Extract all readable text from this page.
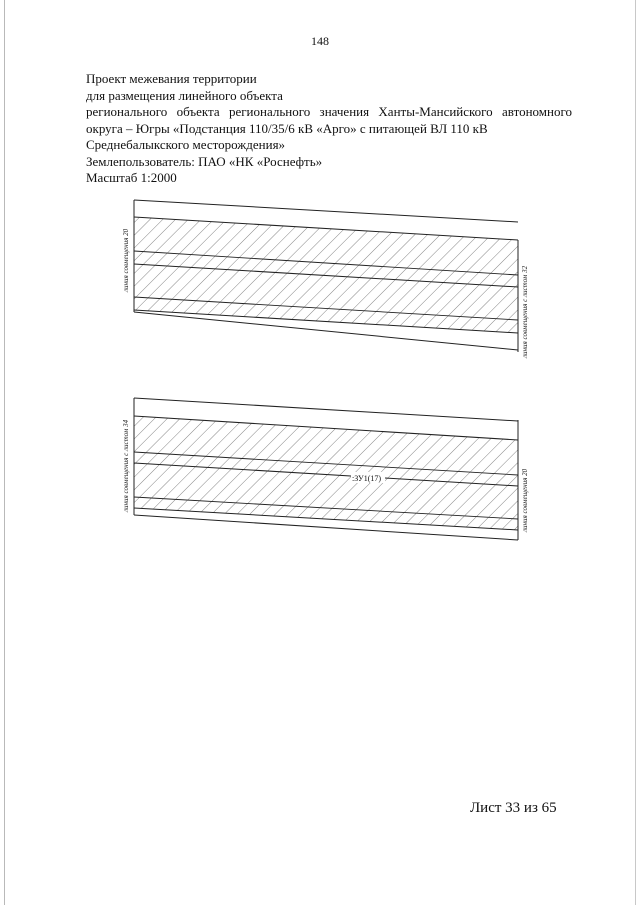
148
Проект межевания территории
для размещения линейного объекта
регионального объекта регионального значения Ханты-Мансийского автономного
округа – Югры «Подстанция 110/35/6 кВ «Арго» с питающей ВЛ 110 кВ
Среднебалыкского месторождения»
Землепользователь: ПАО «НК «Роснефть»
Масштаб 1:2000
линия совмещения 20
линия совмещения с листом 32
:ЗУ1(17)
линия совмещения с листом 34	линия совмещения 20
Лист 33 из 65
